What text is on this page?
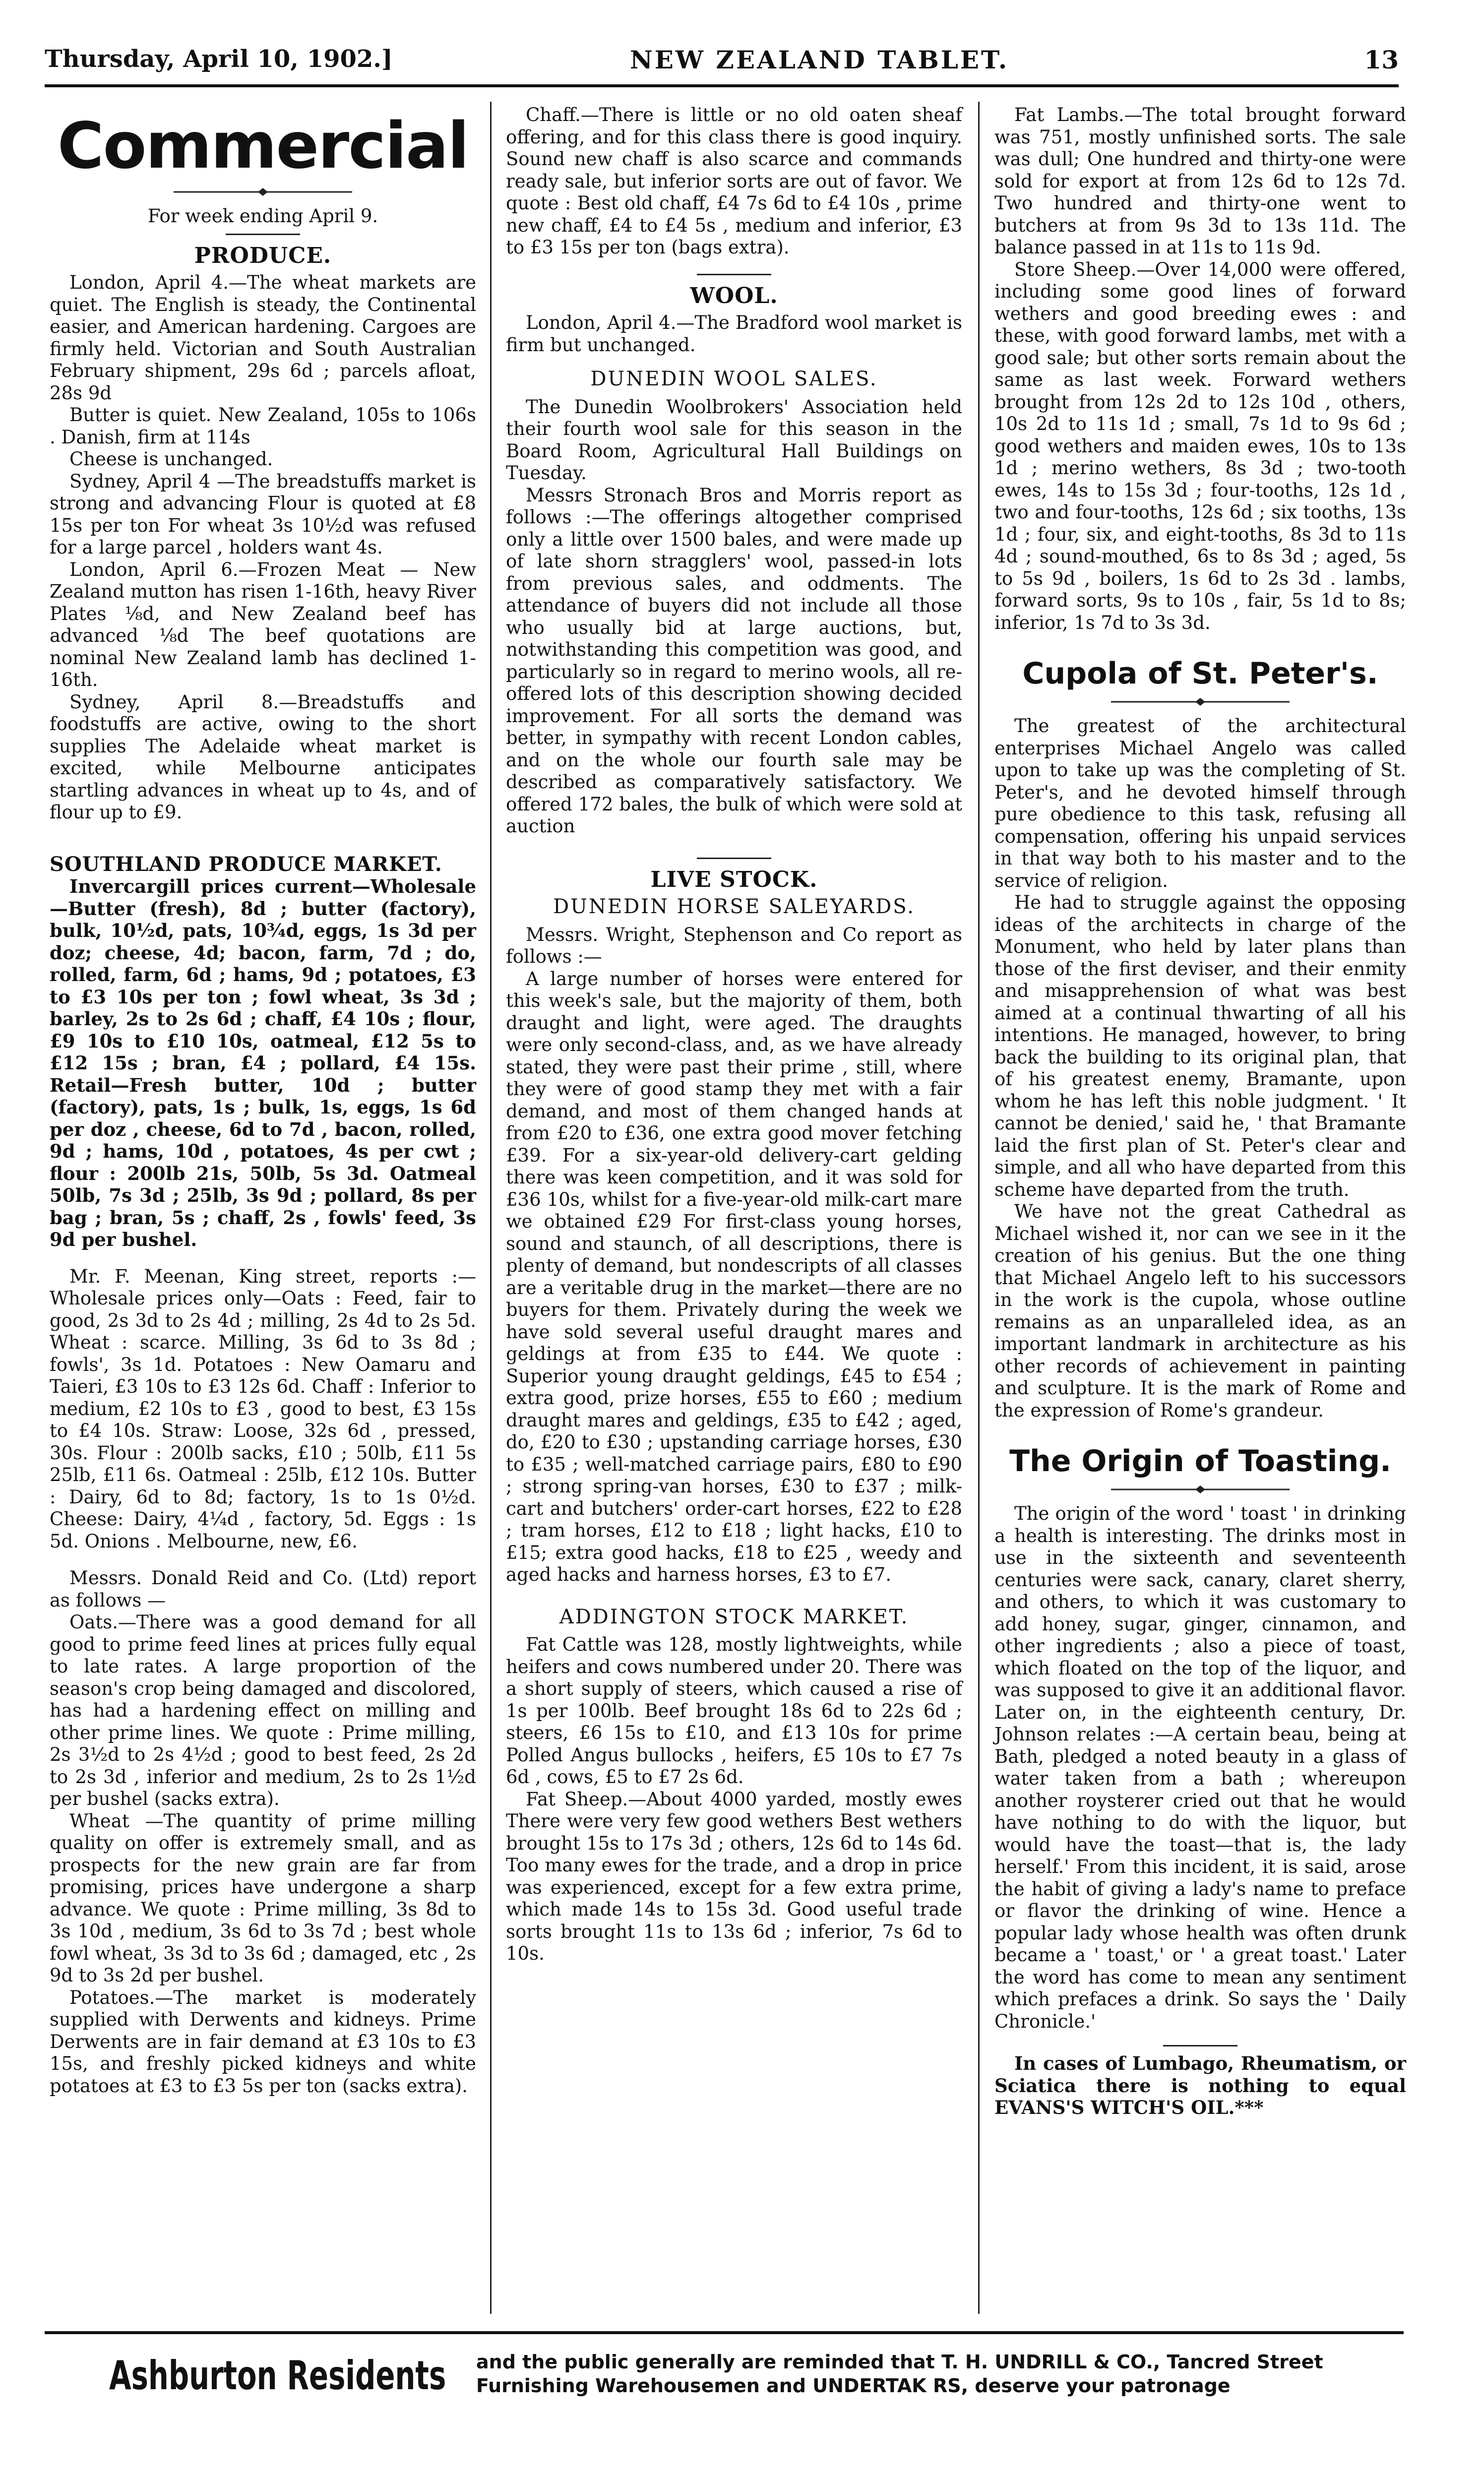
Thursday, April 10, 1902.]	NEW ZEALAND TABLET.	13
Commercial

For week ending April 9.

PRODUCE.

London, April 4.—The wheat markets are quiet. The English is steady, the Continental easier, and American hardening. Cargoes are firmly held. Victorian and South Australian February shipment, 29s 6d ; parcels afloat, 28s 9d

Butter is quiet. New Zealand, 105s to 106s . Danish, firm at 114s

Cheese is unchanged.

Sydney, April 4 —The breadstuffs market is strong and advancing Flour is quoted at £8 15s per ton For wheat 3s 10½d was refused for a large parcel , holders want 4s.

London, April 6.—Frozen Meat — New Zealand mutton has risen 1-16th, heavy River Plates ⅛d, and New Zealand beef has advanced ⅛d The beef quotations are nominal New Zealand lamb has declined 1-16th.

Sydney, April 8.—Breadstuffs and foodstuffs are active, owing to the short supplies The Adelaide wheat market is excited, while Melbourne anticipates startling advances in wheat up to 4s, and of flour up to £9.

SOUTHLAND PRODUCE MARKET.

Invercargill prices current—Wholesale—Butter (fresh), 8d ; butter (factory), bulk, 10½d, pats, 10¾d, eggs, 1s 3d per doz; cheese, 4d; bacon, farm, 7d ; do, rolled, farm, 6d ; hams, 9d ; potatoes, £3 to £3 10s per ton ; fowl wheat, 3s 3d ; barley, 2s to 2s 6d ; chaff, £4 10s ; flour, £9 10s to £10 10s, oatmeal, £12 5s to £12 15s ; bran, £4 ; pollard, £4 15s. Retail—Fresh butter, 10d ; butter (factory), pats, 1s ; bulk, 1s, eggs, 1s 6d per doz , cheese, 6d to 7d , bacon, rolled, 9d ; hams, 10d , potatoes, 4s per cwt ; flour : 200lb 21s, 50lb, 5s 3d. Oatmeal 50lb, 7s 3d ; 25lb, 3s 9d ; pollard, 8s per bag ; bran, 5s ; chaff, 2s , fowls' feed, 3s 9d per bushel.

Mr. F. Meenan, King street, reports :—Wholesale prices only—Oats : Feed, fair to good, 2s 3d to 2s 4d ; milling, 2s 4d to 2s 5d. Wheat : scarce. Milling, 3s 6d to 3s 8d ; fowls', 3s 1d. Potatoes : New Oamaru and Taieri, £3 10s to £3 12s 6d. Chaff : Inferior to medium, £2 10s to £3 , good to best, £3 15s to £4 10s. Straw: Loose, 32s 6d , pressed, 30s. Flour : 200lb sacks, £10 ; 50lb, £11 5s 25lb, £11 6s. Oatmeal : 25lb, £12 10s. Butter : Dairy, 6d to 8d; factory, 1s to 1s 0½d. Cheese: Dairy, 4¼d , factory, 5d. Eggs : 1s 5d. Onions . Melbourne, new, £6.

Messrs. Donald Reid and Co. (Ltd) report as follows —

Oats.—There was a good demand for all good to prime feed lines at prices fully equal to late rates. A large proportion of the season's crop being damaged and discolored, has had a hardening effect on milling and other prime lines. We quote : Prime milling, 2s 3½d to 2s 4½d ; good to best feed, 2s 2d to 2s 3d , inferior and medium, 2s to 2s 1½d per bushel (sacks extra).

Wheat —The quantity of prime milling quality on offer is extremely small, and as prospects for the new grain are far from promising, prices have undergone a sharp advance. We quote : Prime milling, 3s 8d to 3s 10d , medium, 3s 6d to 3s 7d ; best whole fowl wheat, 3s 3d to 3s 6d ; damaged, etc , 2s 9d to 3s 2d per bushel.

Potatoes.—The market is moderately supplied with Derwents and kidneys. Prime Derwents are in fair demand at £3 10s to £3 15s, and freshly picked kidneys and white potatoes at £3 to £3 5s per ton (sacks extra).

Chaff.—There is little or no old oaten sheaf offering, and for this class there is good inquiry. Sound new chaff is also scarce and commands ready sale, but inferior sorts are out of favor. We quote : Best old chaff, £4 7s 6d to £4 10s , prime new chaff, £4 to £4 5s , medium and inferior, £3 to £3 15s per ton (bags extra).

WOOL.

London, April 4.—The Bradford wool market is firm but unchanged.

DUNEDIN WOOL SALES.

The Dunedin Woolbrokers' Association held their fourth wool sale for this season in the Board Room, Agricultural Hall Buildings on Tuesday.

Messrs Stronach Bros and Morris report as follows :—The offerings altogether comprised only a little over 1500 bales, and were made up of late shorn stragglers' wool, passed-in lots from previous sales, and oddments. The attendance of buyers did not include all those who usually bid at large auctions, but, notwithstanding this competition was good, and particularly so in regard to merino wools, all re-offered lots of this description showing decided improvement. For all sorts the demand was better, in sympathy with recent London cables, and on the whole our fourth sale may be described as comparatively satisfactory. We offered 172 bales, the bulk of which were sold at auction

LIVE STOCK.
DUNEDIN HORSE SALEYARDS.

Messrs. Wright, Stephenson and Co report as follows :—

A large number of horses were entered for this week's sale, but the majority of them, both draught and light, were aged. The draughts were only second-class, and, as we have already stated, they were past their prime , still, where they were of good stamp they met with a fair demand, and most of them changed hands at from £20 to £36, one extra good mover fetching £39. For a six-year-old delivery-cart gelding there was keen competition, and it was sold for £36 10s, whilst for a five-year-old milk-cart mare we obtained £29 For first-class young horses, sound and staunch, of all descriptions, there is plenty of demand, but nondescripts of all classes are a veritable drug in the market—there are no buyers for them. Privately during the week we have sold several useful draught mares and geldings at from £35 to £44. We quote : Superior young draught geldings, £45 to £54 ; extra good, prize horses, £55 to £60 ; medium draught mares and geldings, £35 to £42 ; aged, do, £20 to £30 ; upstanding carriage horses, £30 to £35 ; well-matched carriage pairs, £80 to £90 ; strong spring-van horses, £30 to £37 ; milk-cart and butchers' order-cart horses, £22 to £28 ; tram horses, £12 to £18 ; light hacks, £10 to £15; extra good hacks, £18 to £25 , weedy and aged hacks and harness horses, £3 to £7.

ADDINGTON STOCK MARKET.

Fat Cattle was 128, mostly lightweights, while heifers and cows numbered under 20. There was a short supply of steers, which caused a rise of 1s per 100lb. Beef brought 18s 6d to 22s 6d ; steers, £6 15s to £10, and £13 10s for prime Polled Angus bullocks , heifers, £5 10s to £7 7s 6d , cows, £5 to £7 2s 6d.

Fat Sheep.—About 4000 yarded, mostly ewes There were very few good wethers Best wethers brought 15s to 17s 3d ; others, 12s 6d to 14s 6d. Too many ewes for the trade, and a drop in price was experienced, except for a few extra prime, which made 14s to 15s 3d. Good useful trade sorts brought 11s to 13s 6d ; inferior, 7s 6d to 10s.

Fat Lambs.—The total brought forward was 751, mostly unfinished sorts. The sale was dull; One hundred and thirty-one were sold for export at from 12s 6d to 12s 7d. Two hundred and thirty-one went to butchers at from 9s 3d to 13s 11d. The balance passed in at 11s to 11s 9d.

Store Sheep.—Over 14,000 were offered, including some good lines of forward wethers and good breeding ewes : and these, with good forward lambs, met with a good sale; but other sorts remain about the same as last week. Forward wethers brought from 12s 2d to 12s 10d , others, 10s 2d to 11s 1d ; small, 7s 1d to 9s 6d ; good wethers and maiden ewes, 10s to 13s 1d ; merino wethers, 8s 3d ; two-tooth ewes, 14s to 15s 3d ; four-tooths, 12s 1d , two and four-tooths, 12s 6d ; six tooths, 13s 1d ; four, six, and eight-tooths, 8s 3d to 11s 4d ; sound-mouthed, 6s to 8s 3d ; aged, 5s to 5s 9d , boilers, 1s 6d to 2s 3d . lambs, forward sorts, 9s to 10s , fair, 5s 1d to 8s; inferior, 1s 7d to 3s 3d.

Cupola of St. Peter's.

The greatest of the architectural enterprises Michael Angelo was called upon to take up was the completing of St. Peter's, and he devoted himself through pure obedience to this task, refusing all compensation, offering his unpaid services in that way both to his master and to the service of religion.

He had to struggle against the opposing ideas of the architects in charge of the Monument, who held by later plans than those of the first deviser, and their enmity and misapprehension of what was best aimed at a continual thwarting of all his intentions. He managed, however, to bring back the building to its original plan, that of his greatest enemy, Bramante, upon whom he has left this noble judgment. ' It cannot be denied,' said he, ' that Bramante laid the first plan of St. Peter's clear and simple, and all who have departed from this scheme have departed from the truth.

We have not the great Cathedral as Michael wished it, nor can we see in it the creation of his genius. But the one thing that Michael Angelo left to his successors in the work is the cupola, whose outline remains as an unparalleled idea, as an important landmark in architecture as his other records of achievement in painting and sculpture. It is the mark of Rome and the expression of Rome's grandeur.

The Origin of Toasting.

The origin of the word ' toast ' in drinking a health is interesting. The drinks most in use in the sixteenth and seventeenth centuries were sack, canary, claret sherry, and others, to which it was customary to add honey, sugar, ginger, cinnamon, and other ingredients ; also a piece of toast, which floated on the top of the liquor, and was supposed to give it an additional flavor. Later on, in the eighteenth century, Dr. Johnson relates :—A certain beau, being at Bath, pledged a noted beauty in a glass of water taken from a bath ; whereupon another roysterer cried out that he would have nothing to do with the liquor, but would have the toast—that is, the lady herself.' From this incident, it is said, arose the habit of giving a lady's name to preface or flavor the drinking of wine. Hence a popular lady whose health was often drunk became a ' toast,' or ' a great toast.' Later the word has come to mean any sentiment which prefaces a drink. So says the ' Daily Chronicle.'

In cases of Lumbago, Rheumatism, or Sciatica there is nothing to equal EVANS'S WITCH'S OIL.***

Ashburton Residents and the public generally are reminded that T. H. UNDRILL & CO., Tancred Street Furnishing Warehousemen and UNDERTAK RS, deserve your patronage
